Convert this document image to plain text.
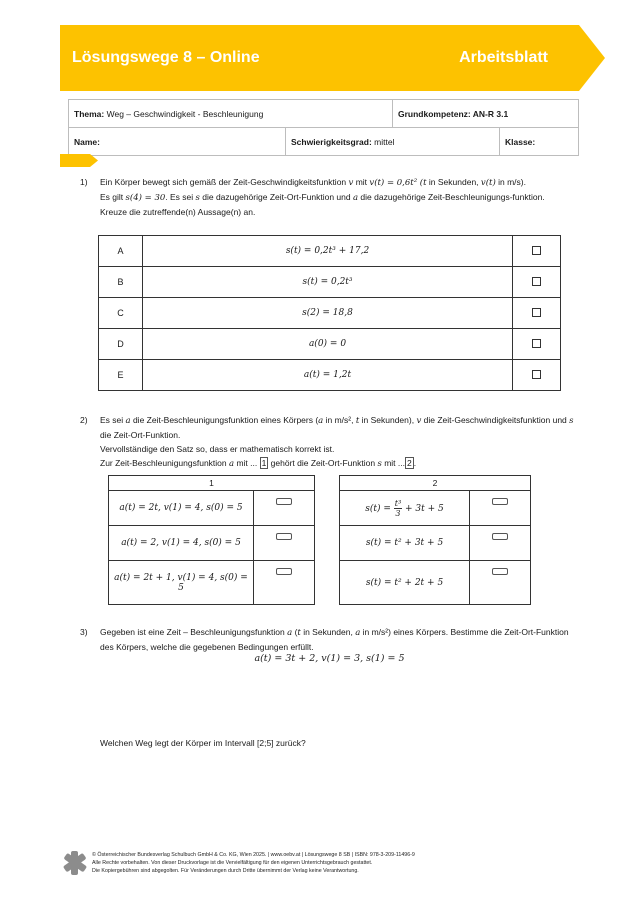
Lösungswege 8 – Online	Arbeitsblatt
Thema: Weg – Geschwindigkeit - Beschleunigung		Grundkompetenz: AN-R 3.1	
Name:	Schwierigkeitsgrad: mittel		Klasse:
1) Ein Körper bewegt sich gemäß der Zeit-Geschwindigkeitsfunktion v mit v(t) = 0,6t² (t in Sekunden, v(t) in m/s).
Es gilt s(4) = 30. Es sei s die dazugehörige Zeit-Ort-Funktion und a die dazugehörige Zeit-Beschleunigungs-funktion.
Kreuze die zutreffende(n) Aussage(n) an.
A	s(t) = 0,2t³ + 17,2	
B	s(t) = 0,2t³	
C	s(2) = 18,8	
D	a(0) = 0	
E	a(t) = 1,2t	
2) Es sei a die Zeit-Beschleunigungsfunktion eines Körpers (a in m/s², t in Sekunden), v die Zeit-Geschwindigkeitsfunktion und s die Zeit-Ort-Funktion.
Vervollständige den Satz so, dass er mathematisch korrekt ist.
Zur Zeit-Beschleunigungsfunktion a mit ... 1 gehört die Zeit-Ort-Funktion s mit ... 2 .
1	
a(t) = 2t, v(1) = 4, s(0) = 5	
a(t) = 2, v(1) = 4, s(0) = 5	
a(t) = 2t + 1, v(1) = 4, s(0) = 5	
2	
$s(t) = \frac{\text{t³}}{3} + 3t + 5$	
s(t) = t² + 3t + 5	
s(t) = t² + 2t + 5	
3) Gegeben ist eine Zeit – Beschleunigungsfunktion a (t in Sekunden, a in m/s²) eines Körpers. Bestimme die Zeit-Ort-Funktion des Körpers, welche die gegebenen Bedingungen erfüllt.
a(t) = 3t + 2, v(1) = 3, s(1) = 5
Welchen Weg legt der Körper im Intervall [2;5] zurück?
© Österreichischer Bundesverlag Schulbuch GmbH & Co. KG, Wien 2025. | www.oebv.at | Lösungswege 8 SB | ISBN: 978-3-209-11496-9
Alle Rechte vorbehalten. Von dieser Druckvorlage ist die Vervielfältigung für den eigenen Unterrichtsgebrauch gestattet.
Die Kopiergebühren sind abgegolten. Für Veränderungen durch Dritte übernimmt der Verlag keine Verantwortung.
